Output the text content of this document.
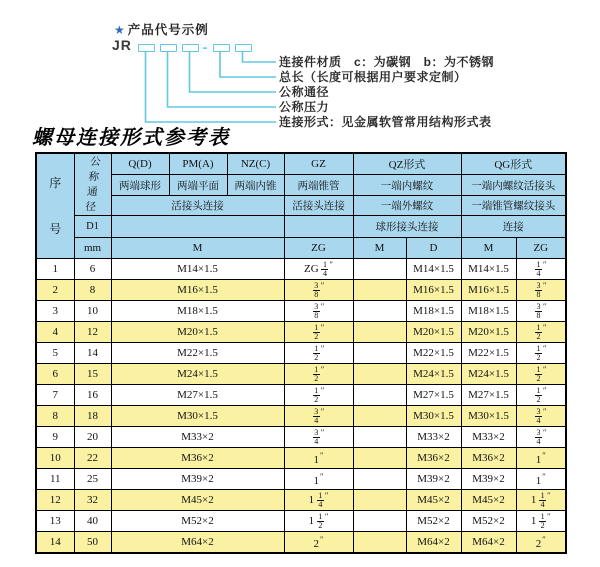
★ 产品代号示例
JR	-
连接件材质　c：为碳钢　b：为不锈钢
总长（长度可根据用户要求定制）
公称通径
公称压力
连接形式：见金属软管常用结构形式表
螺母连接形式参考表
序号	公称通径	Q(D)	PM(A)	NZ(C)	GZ	QZ形式		QG形式	
		两端球形	两端平面	两端内锥	两端锥管	一端内螺纹		一端内螺纹活接头	
		活接头连接			活接头连接	一端外螺纹		一端锥管螺纹接头	
	D1					球形接头连接		连接	
	mm	M			ZG	M	D	M	ZG
1	6	M14×1.5			ZG $\frac{1}{4} ''$		M14×1.5	M14×1.5	$\frac{1}{4} ''$
2	8	M16×1.5			$\frac{3}{8} ''$		M16×1.5	M16×1.5	$\frac{3}{8} ''$
3	10	M18×1.5			$\frac{3}{8} ''$		M18×1.5	M18×1.5	$\frac{3}{8} ''$
4	12	M20×1.5			$\frac{1}{2} ''$		M20×1.5	M20×1.5	$\frac{1}{2} ''$
5	14	M22×1.5			$\frac{1}{2} ''$		M22×1.5	M22×1.5	$\frac{1}{2} ''$
6	15	M24×1.5			$\frac{1}{2} ''$		M24×1.5	M24×1.5	$\frac{1}{2} ''$
7	16	M27×1.5			$\frac{1}{2} ''$		M27×1.5	M27×1.5	$\frac{1}{2} ''$
8	18	M30×1.5			$\frac{3}{4} ''$		M30×1.5	M30×1.5	$\frac{3}{4} ''$
9	20	M33×2			$\frac{3}{4} ''$		M33×2	M33×2	$\frac{3}{4} ''$
10	22	M36×2			1″		M36×2	M36×2	1″
11	25	M39×2			1″		M39×2	M39×2	1″
12	32	M45×2			$1 \frac{1}{4} ''$		M45×2	M45×2	$1 \frac{1}{4} ''$
13	40	M52×2			$1 \frac{1}{2} ''$		M52×2	M52×2	$1 \frac{1}{2} ''$
14	50	M64×2			2″		M64×2	M64×2	2″
